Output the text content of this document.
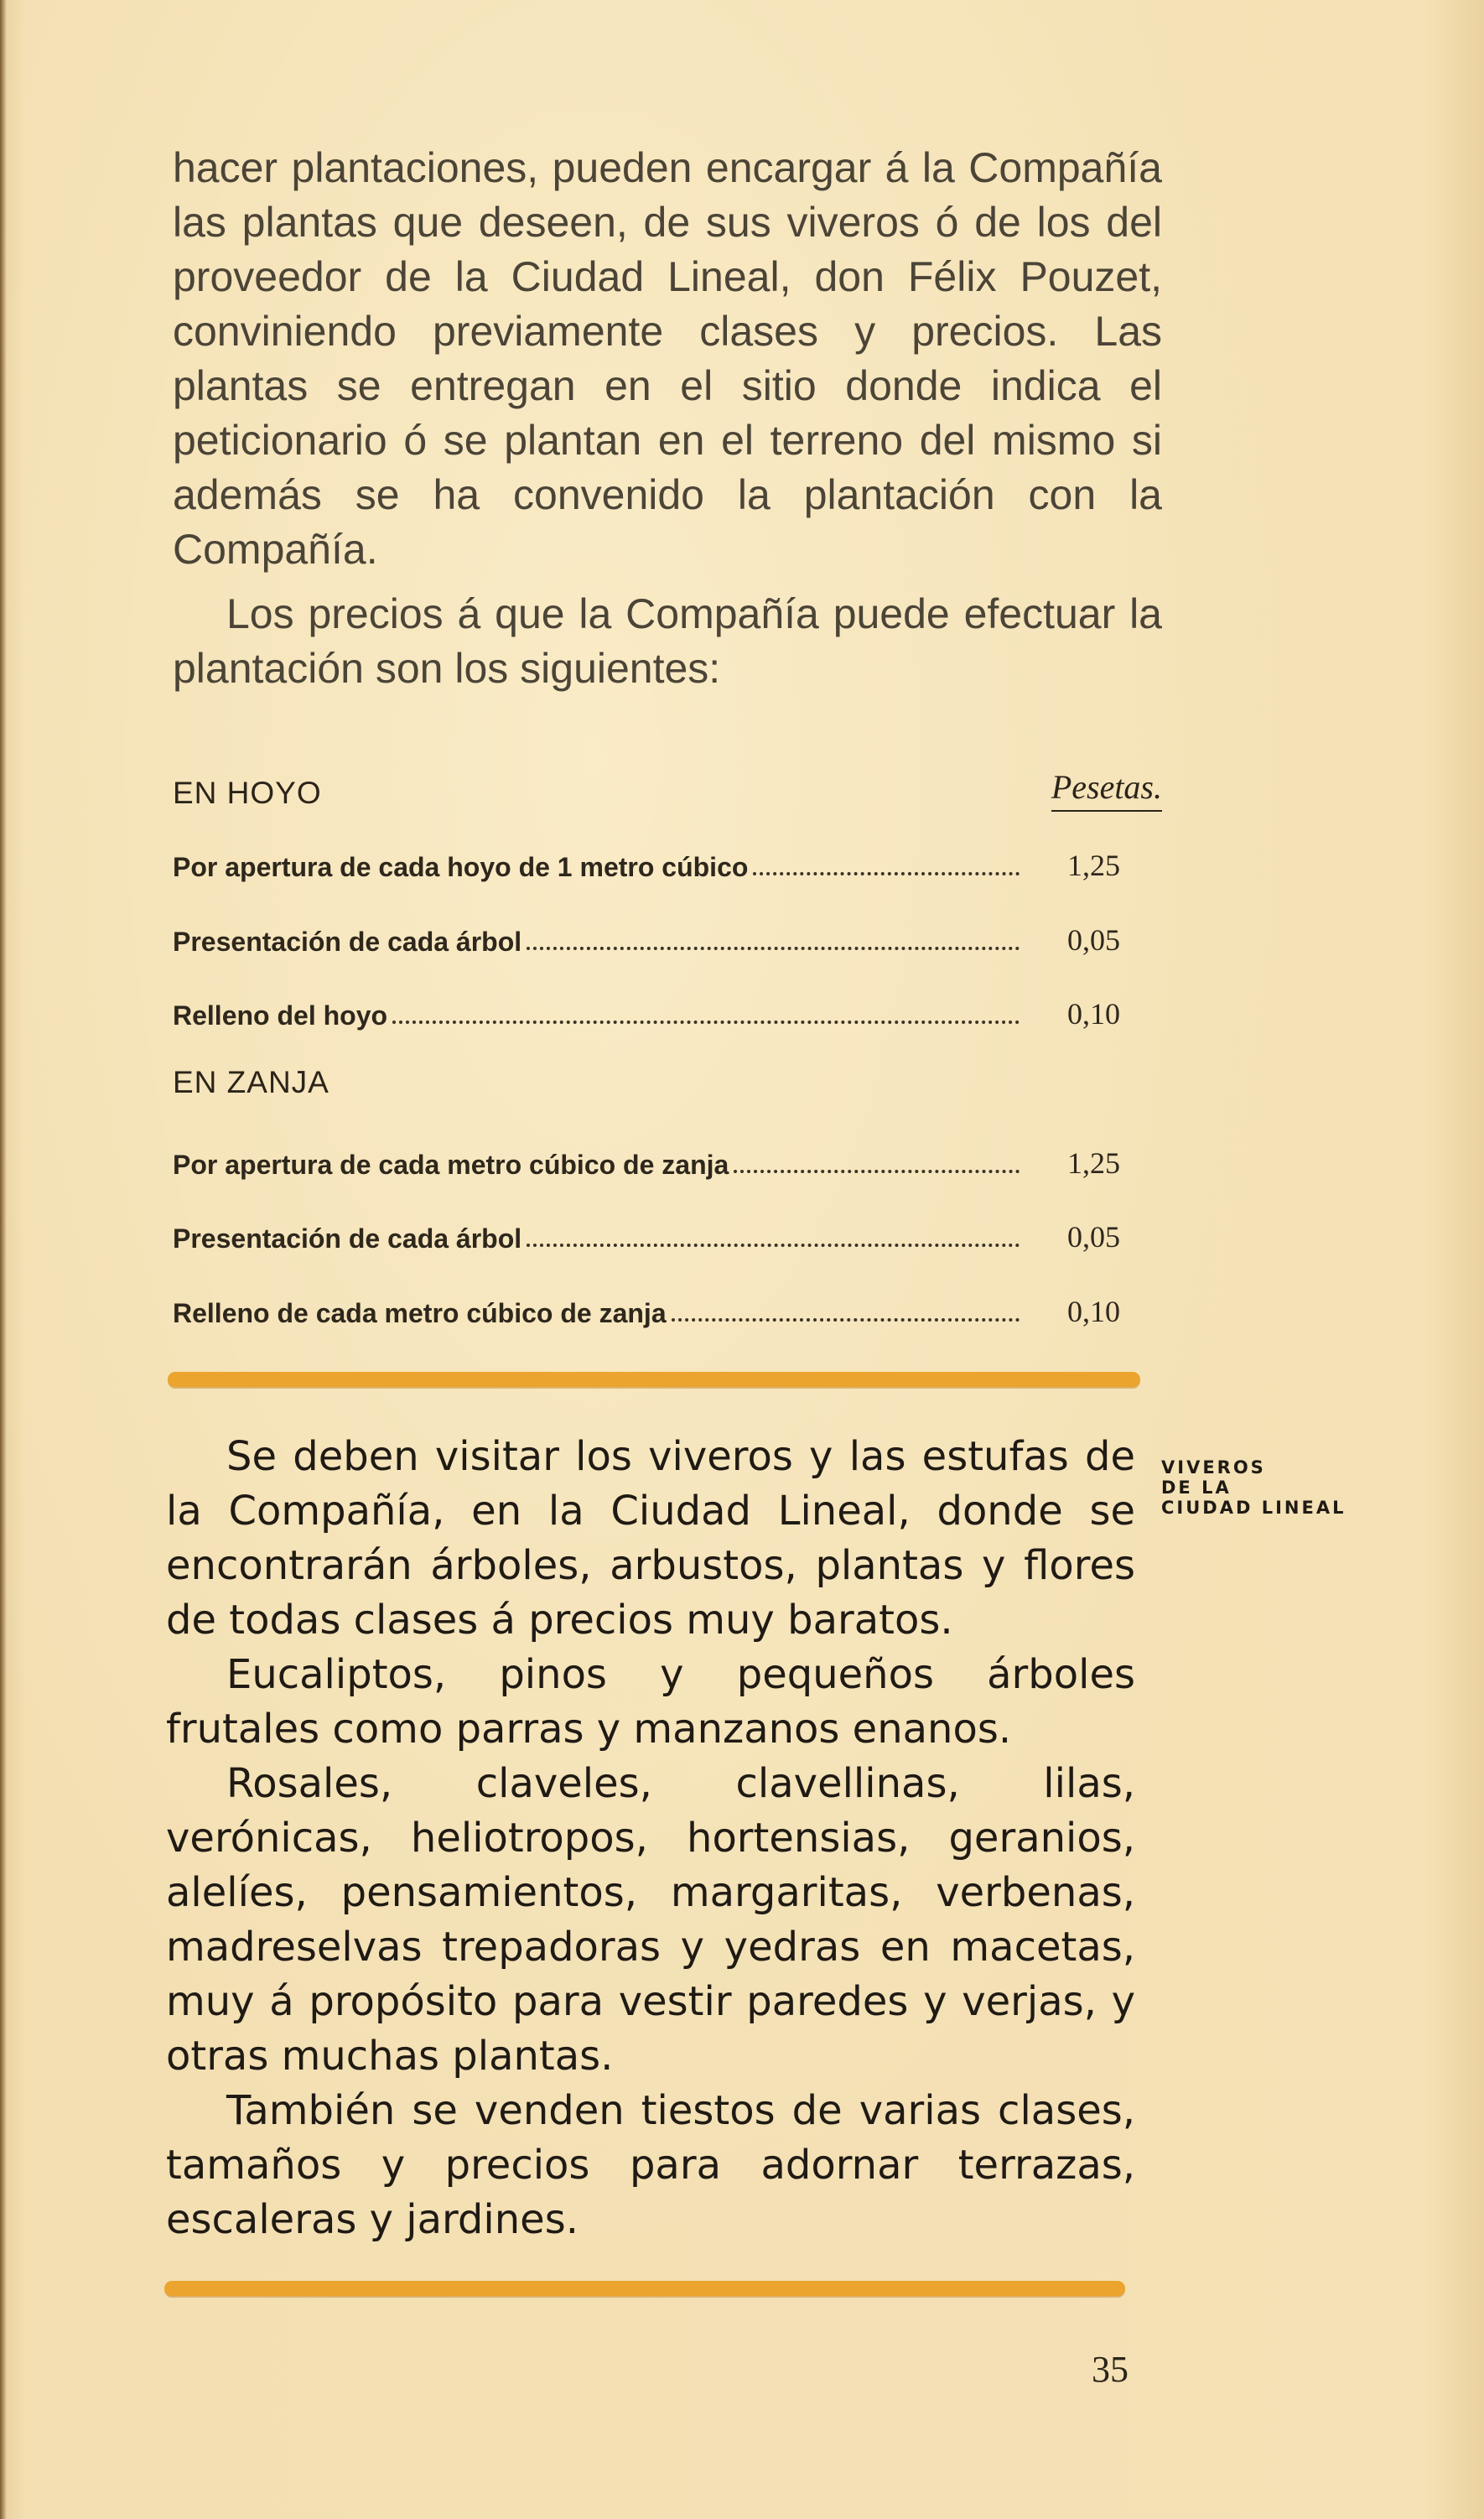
hacer plantaciones, pueden encargar á la Compañía las plantas que deseen, de sus viveros ó de los del proveedor de la Ciudad Lineal, don Félix Pouzet, conviniendo previamente clases y precios. Las plantas se entregan en el sitio donde indica el peticionario ó se plantan en el terreno del mismo si además se ha convenido la plantación con la Compañía.

Los precios á que la Compañía puede efectuar la plantación son los siguientes:

EN HOYO	Pesetas.
Por apertura de cada hoyo de 1 metro cúbico	1,25
Presentación de cada árbol	0,05
Relleno del hoyo	0,10
EN ZANJA
Por apertura de cada metro cúbico de zanja	1,25
Presentación de cada árbol	0,05
Relleno de cada metro cúbico de zanja	0,10
VIVEROS
DE LA
CIUDAD LINEAL

Se deben visitar los viveros y las estufas de la Compañía, en la Ciudad Lineal, donde se encontrarán árboles, arbustos, plantas y flores de todas clases á precios muy baratos.

Eucaliptos, pinos y pequeños árboles frutales como parras y manzanos enanos.

Rosales, claveles, clavellinas, lilas, verónicas, heliotropos, hortensias, geranios, alelíes, pensamientos, margaritas, verbenas, madreselvas trepadoras y yedras en macetas, muy á propósito para vestir paredes y verjas, y otras muchas plantas.

También se venden tiestos de varias clases, tamaños y precios para adornar terrazas, escaleras y jardines.

35
